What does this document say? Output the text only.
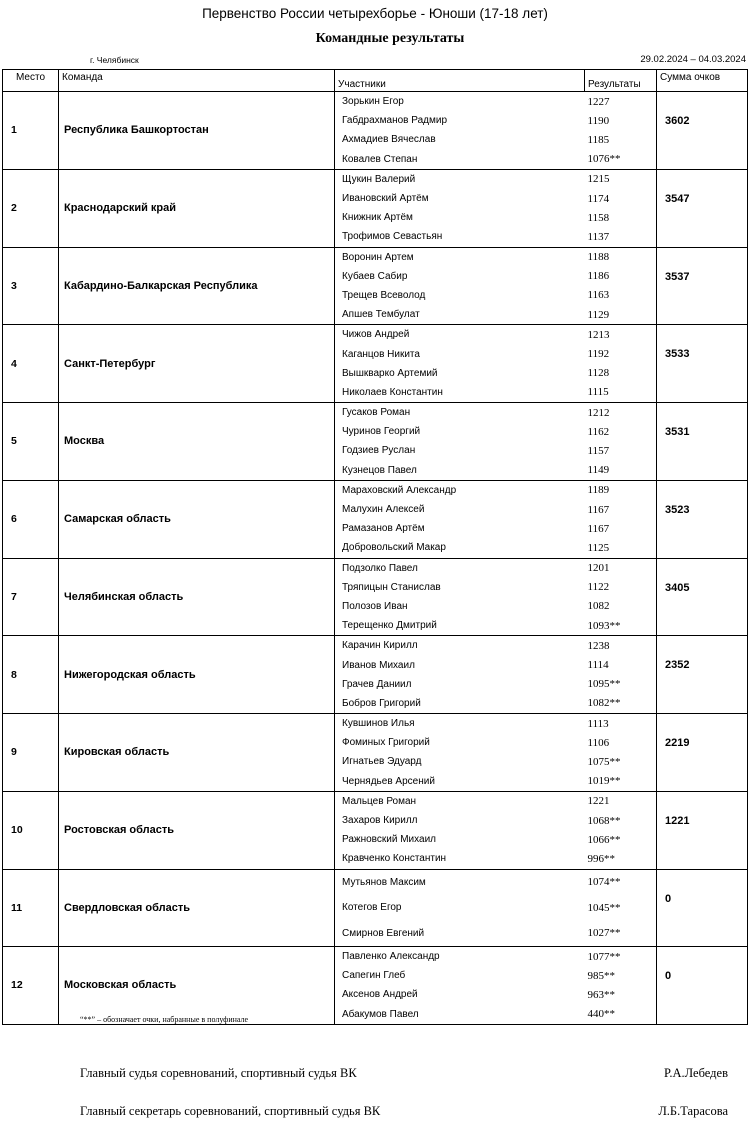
Первенство России четырехборье - Юноши (17-18 лет)
Командные результаты
г. Челябинск	29.02.2024 – 04.03.2024
Место	Команда	Участники	Результаты	Сумма очков
1	Республика Башкортостан	Зорькин Егор	1227	3602
		Габдрахманов Радмир	1190	
		Ахмадиев Вячеслав	1185	
		Ковалев Степан	1076**	
2	Краснодарский край	Щукин Валерий	1215	3547
		Ивановский Артём	1174	
		Книжник Артём	1158	
		Трофимов Севастьян	1137	
3	Кабардино-Балкарская Республика	Воронин Артем	1188	3537
		Кубаев Сабир	1186	
		Трещев Всеволод	1163	
		Апшев Тембулат	1129	
4	Санкт-Петербург	Чижов Андрей	1213	3533
		Каганцов Никита	1192	
		Вышкварко Артемий	1128	
		Николаев Константин	1115	
5	Москва	Гусаков Роман	1212	3531
		Чуринов Георгий	1162	
		Годзиев Руслан	1157	
		Кузнецов Павел	1149	
6	Самарская область	Мараховский Александр	1189	3523
		Малухин Алексей	1167	
		Рамазанов Артём	1167	
		Добровольский Макар	1125	
7	Челябинская область	Подзолко Павел	1201	3405
		Тряпицын Станислав	1122	
		Полозов Иван	1082	
		Терещенко Дмитрий	1093**	
8	Нижегородская область	Карачин Кирилл	1238	2352
		Иванов Михаил	1114	
		Грачев Даниил	1095**	
		Бобров Григорий	1082**	
9	Кировская область	Кувшинов Илья	1113	2219
		Фоминых Григорий	1106	
		Игнатьев Эдуард	1075**	
		Чернядьев Арсений	1019**	
10	Ростовская область	Мальцев Роман	1221	1221
		Захаров Кирилл	1068**	
		Ражновский Михаил	1066**	
		Кравченко Константин	996**	
11	Свердловская область	Мутьянов Максим	1074**	0
		Котегов Егор	1045**	
		Смирнов Евгений	1027**	
12	Московская область	Павленко Александр	1077**	0
		Сапегин Глеб	985**	
		Аксенов Андрей	963**	
		Абакумов Павел	440**	
“**” – обозначает очки, набранные в полуфинале
Главный судья соревнований, спортивный судья ВК	Р.А.Лебедев
Главный секретарь соревнований, спортивный судья ВК	Л.Б.Тарасова
